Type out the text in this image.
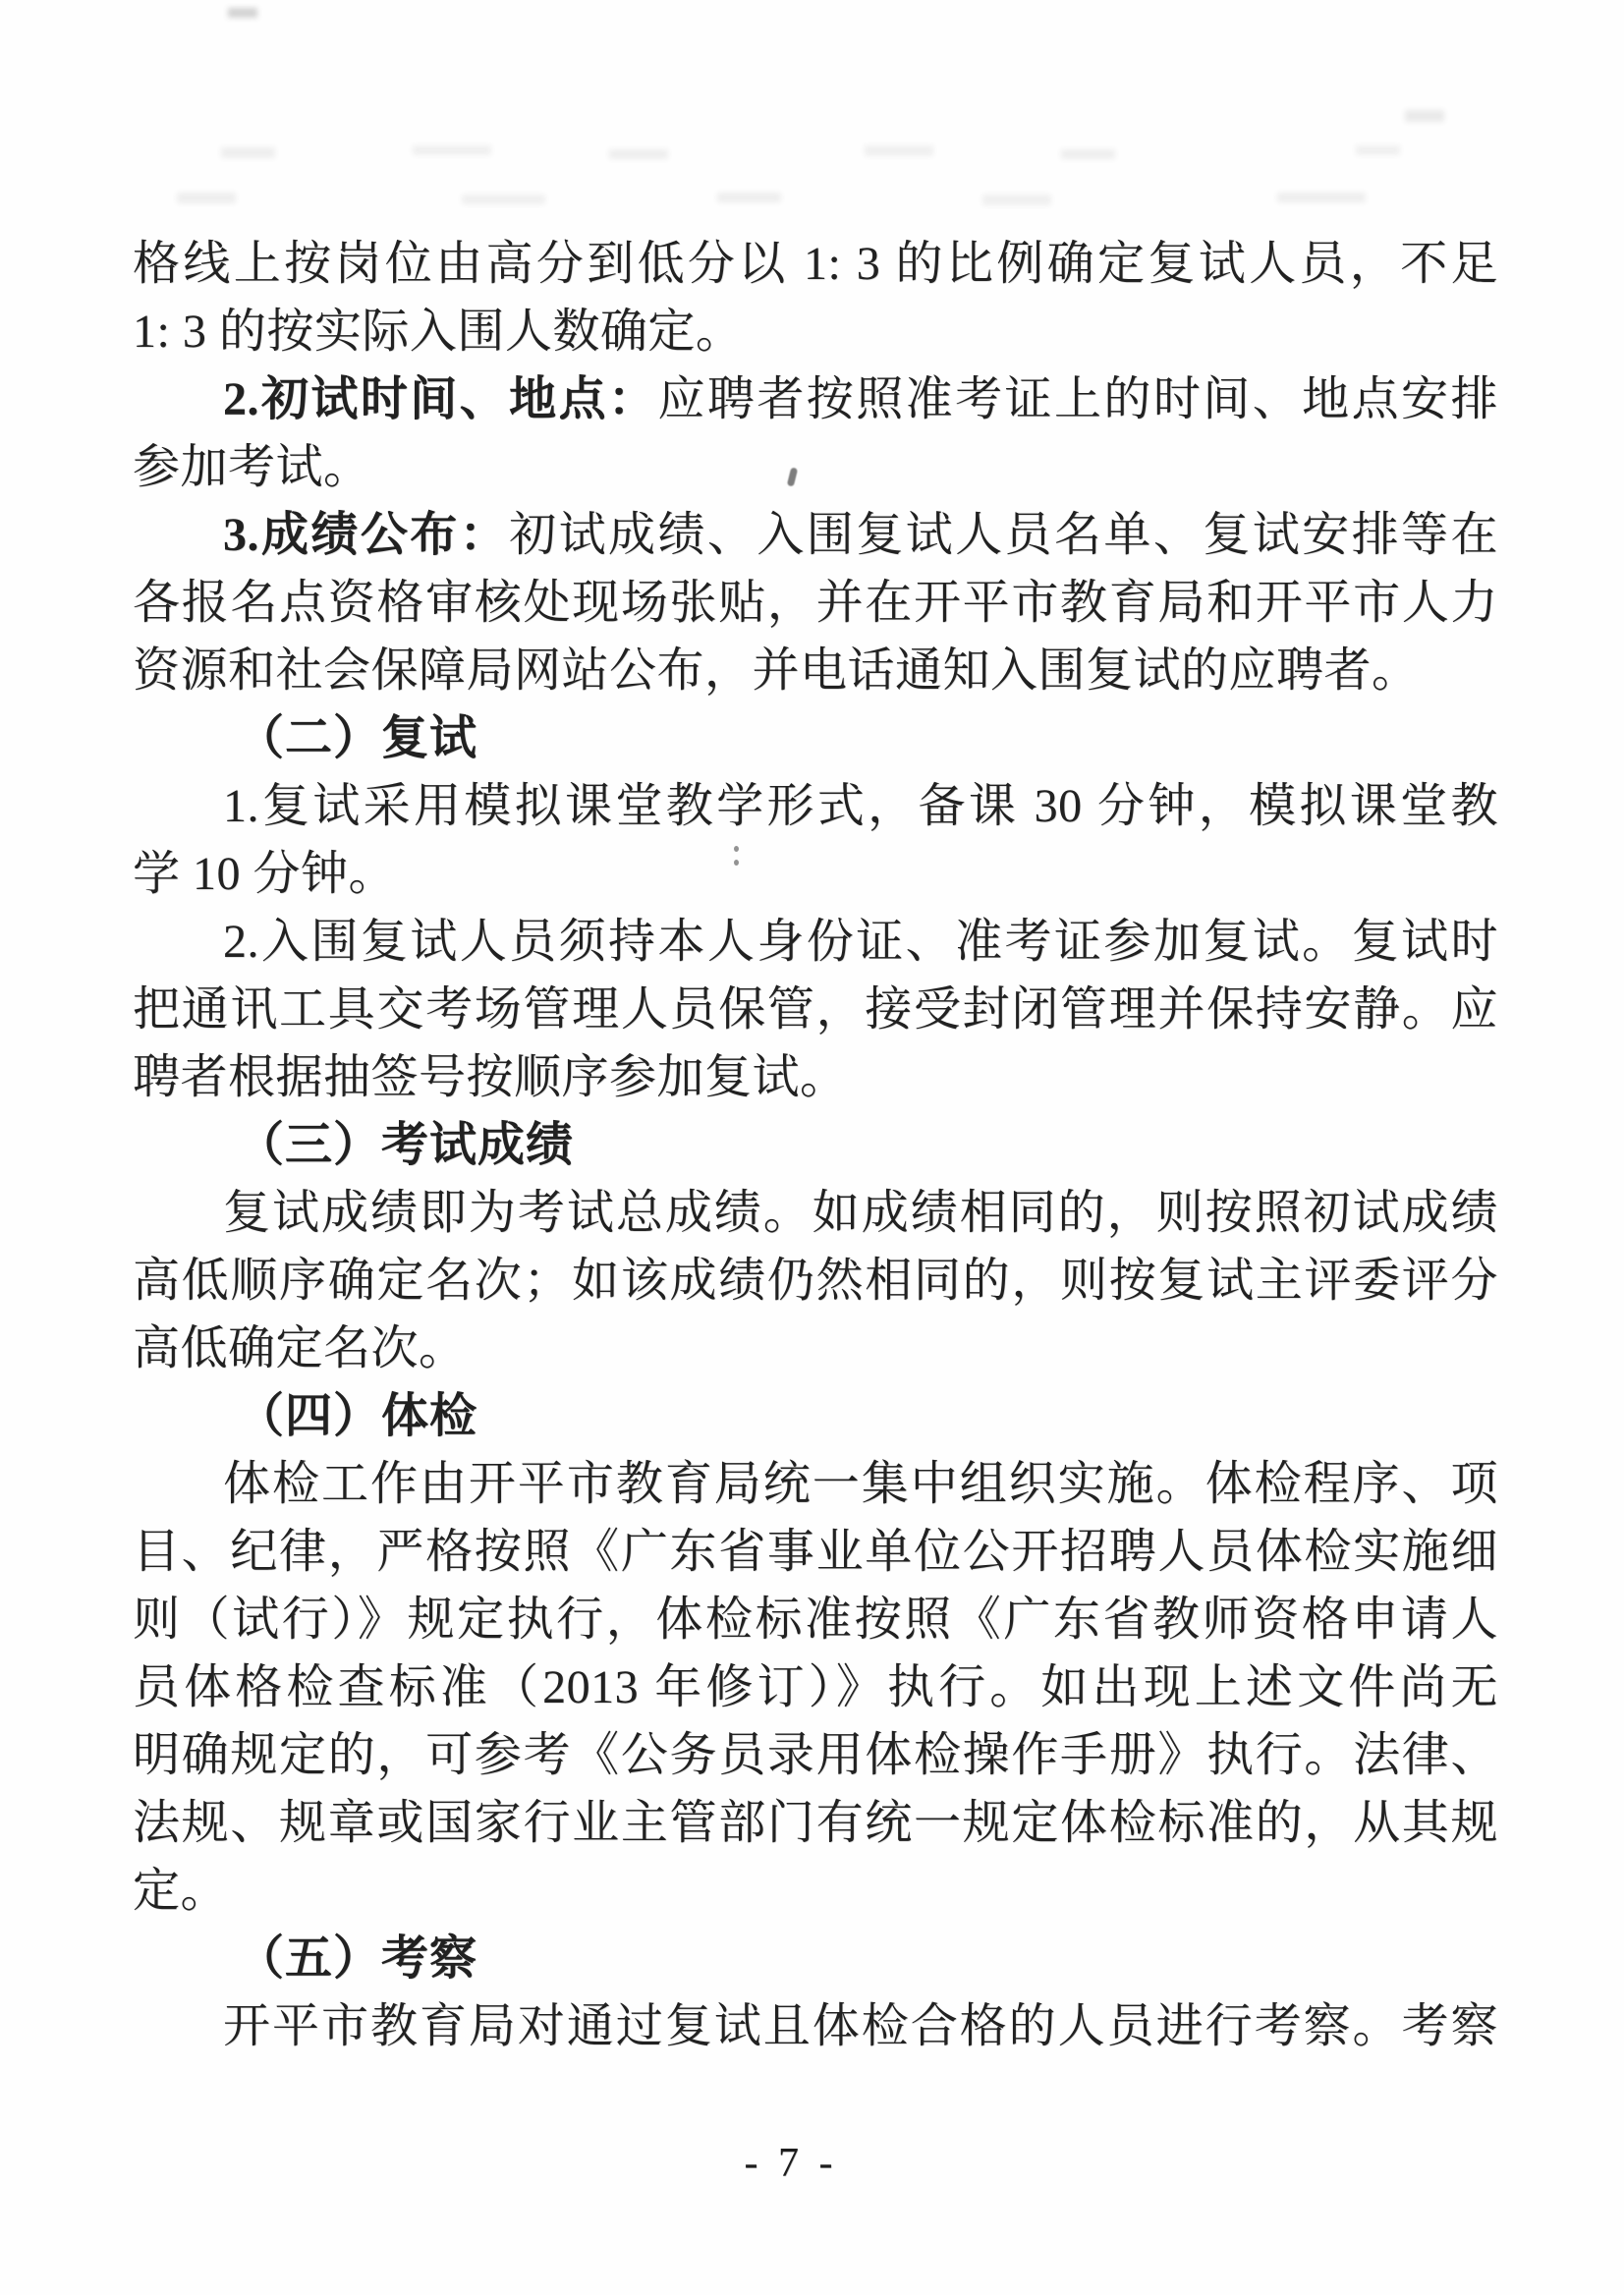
格线上按岗位由高分到低分以 1: 3 的比例确定复试人员，不足
1: 3 的按实际入围人数确定。
2.初试时间、地点：应聘者按照准考证上的时间、地点安排
参加考试。
3.成绩公布：初试成绩、入围复试人员名单、复试安排等在
各报名点资格审核处现场张贴，并在开平市教育局和开平市人力
资源和社会保障局网站公布，并电话通知入围复试的应聘者。
（二）复试
1.复试采用模拟课堂教学形式，备课 30 分钟，模拟课堂教
学 10 分钟。
2.入围复试人员须持本人身份证、准考证参加复试。复试时
把通讯工具交考场管理人员保管，接受封闭管理并保持安静。应
聘者根据抽签号按顺序参加复试。
（三）考试成绩
复试成绩即为考试总成绩。如成绩相同的，则按照初试成绩
高低顺序确定名次；如该成绩仍然相同的，则按复试主评委评分
高低确定名次。
（四）体检
体检工作由开平市教育局统一集中组织实施。体检程序、项
目、纪律，严格按照《广东省事业单位公开招聘人员体检实施细
则（试行）》规定执行，体检标准按照《广东省教师资格申请人
员体格检查标准（2013 年修订）》执行。如出现上述文件尚无
明确规定的，可参考《公务员录用体检操作手册》执行。法律、
法规、规章或国家行业主管部门有统一规定体检标准的，从其规
定。
（五）考察
开平市教育局对通过复试且体检合格的人员进行考察。考察
- 7 -
